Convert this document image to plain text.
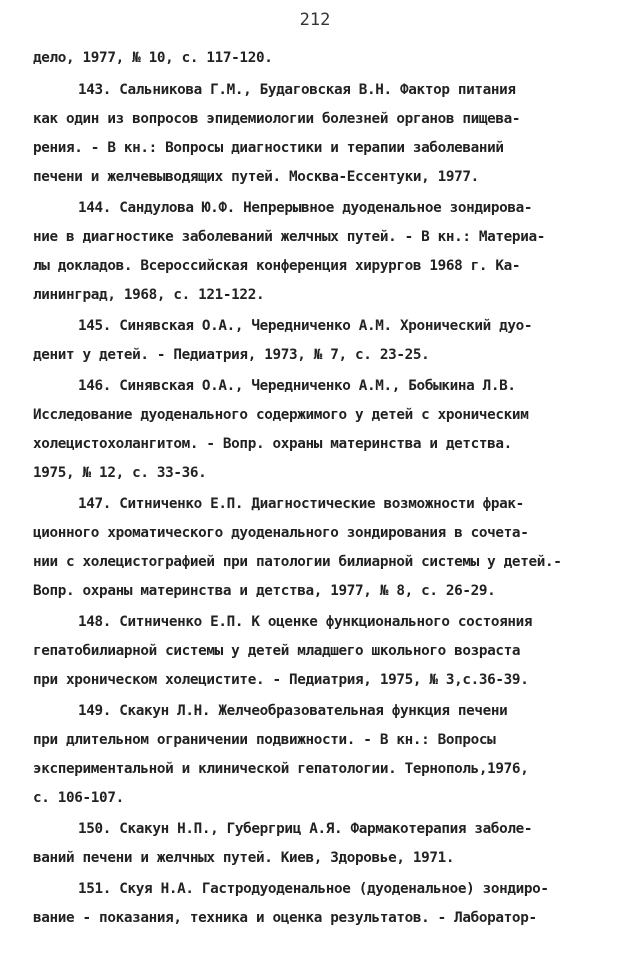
212
дело, 1977, № 10, с. 117-120.
143. Сальникова Г.М., Будаговская В.Н. Фактор питания
как один из вопросов эпидемиологии болезней органов пищева-
рения. - В кн.: Вопросы диагностики и терапии заболеваний
печени и желчевыводящих путей. Москва-Ессентуки, 1977.
144. Сандулова Ю.Ф. Непрерывное дуоденальное зондирова-
ние в диагностике заболеваний желчных путей. - В кн.: Материа-
лы докладов. Всероссийская конференция хирургов 1968 г. Ка-
лининград, 1968, с. 121-122.
145. Синявская О.А., Чередниченко А.М. Хронический дуо-
денит у детей. - Педиатрия, 1973, № 7, с. 23-25.
146. Синявская О.А., Чередниченко А.М., Бобыкина Л.В.
Исследование дуоденального содержимого у детей с хроническим
холецистохолангитом. - Вопр. охраны материнства и детства.
1975, № 12, с. 33-36.
147. Ситниченко Е.П. Диагностические возможности фрак-
ционного хроматического дуоденального зондирования в сочета-
нии с холецистографией при патологии билиарной системы у детей.-
Вопр. охраны материнства и детства, 1977, № 8, с. 26-29.
148. Ситниченко Е.П. К оценке функционального состояния
гепатобилиарной системы у детей младшего школьного возраста
при хроническом холецистите. - Педиатрия, 1975, № 3,с.36-39.
149. Скакун Л.Н. Желчеобразовательная функция печени
при длительном ограничении подвижности. - В кн.: Вопросы
экспериментальной и клинической гепатологии. Тернополь,1976,
с. 106-107.
150. Скакун Н.П., Губергриц А.Я. Фармакотерапия заболе-
ваний печени и желчных путей. Киев, Здоровье, 1971.
151. Скуя Н.А. Гастродуоденальное (дуоденальное) зондиро-
вание - показания, техника и оценка результатов. - Лаборатор-
